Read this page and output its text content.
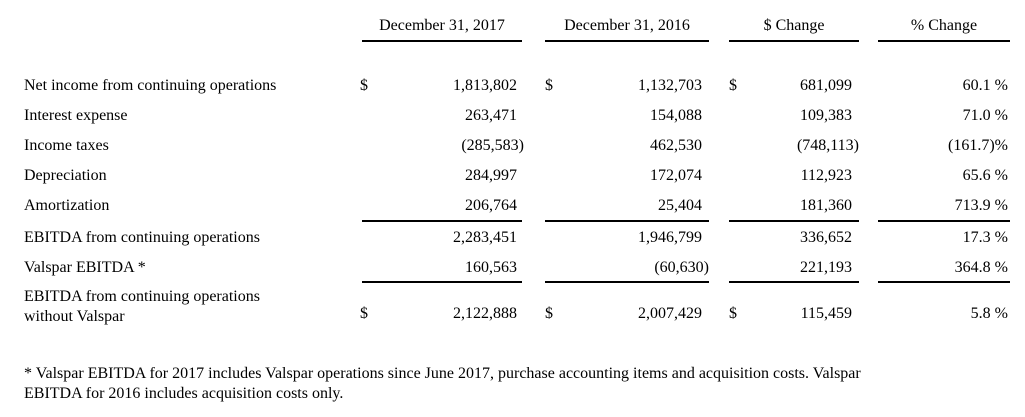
December 31, 2017	December 31, 2016	$ Change	% Change
Net income from continuing operations	$	1,813,802 $	1,132,703 $	681,099	60.1 %
Interest expense	263,471	154,088	109,383	71.0 %
Income taxes	(285,583)	462,530	(748,113)	(161.7)%
Depreciation	284,997	172,074	112,923	65.6 %
Amortization	206,764	25,404	181,360	713.9 %
EBITDA from continuing operations	2,283,451	1,946,799	336,652	17.3 %
Valspar EBITDA *	160,563	(60,630)	221,193	364.8 %
EBITDA from continuing operations
without Valspar	$	2,122,888 $	2,007,429 $	115,459	5.8 %
* Valspar EBITDA for 2017 includes Valspar operations since June 2017, purchase accounting items and acquisition costs. Valspar
EBITDA for 2016 includes acquisition costs only.
